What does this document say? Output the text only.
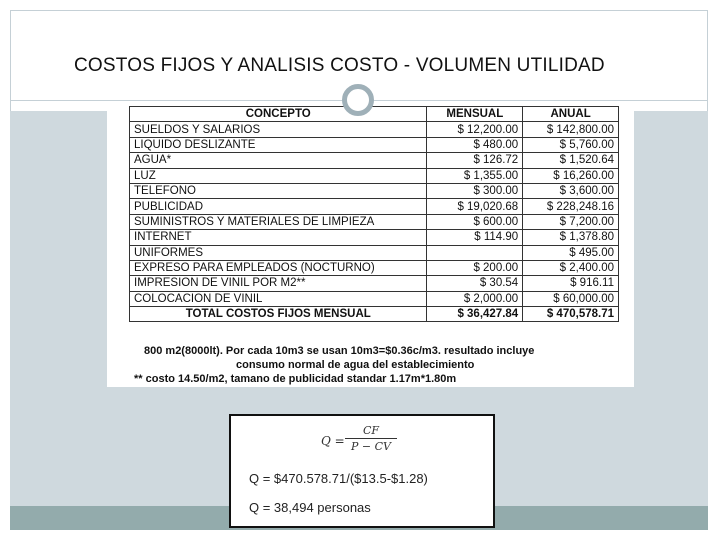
COSTOS FIJOS Y ANALISIS COSTO - VOLUMEN UTILIDAD
CONCEPTO	MENSUAL	ANUAL
SUELDOS Y SALARIOS	$ 12,200.00	$ 142,800.00
LIQUIDO DESLIZANTE	$ 480.00	$ 5,760.00
AGUA*	$ 126.72	$ 1,520.64
LUZ	$ 1,355.00	$ 16,260.00
TELEFONO	$ 300.00	$ 3,600.00
PUBLICIDAD	$ 19,020.68	$ 228,248.16
SUMINISTROS Y MATERIALES DE LIMPIEZA	$ 600.00	$ 7,200.00
INTERNET	$ 114.90	$ 1,378.80
UNIFORMES		$ 495.00
EXPRESO PARA EMPLEADOS (NOCTURNO)	$ 200.00	$ 2,400.00
IMPRESION DE VINIL POR M2**	$ 30.54	$ 916.11
COLOCACION DE VINIL	$ 2,000.00	$ 60,000.00
TOTAL COSTOS FIJOS MENSUAL	$ 36,427.84	$ 470,578.71
800 m2(8000lt). Por cada 10m3 se usan 10m3=$0.36c/m3. resultado incluye
consumo normal de agua del establecimiento
** costo 14.50/m2, tamano de publicidad standar 1.17m*1.80m
$Q = \frac{CF}{P - CV}$
Q = $470.578.71/($13.5-$1.28)
Q = 38,494 personas
